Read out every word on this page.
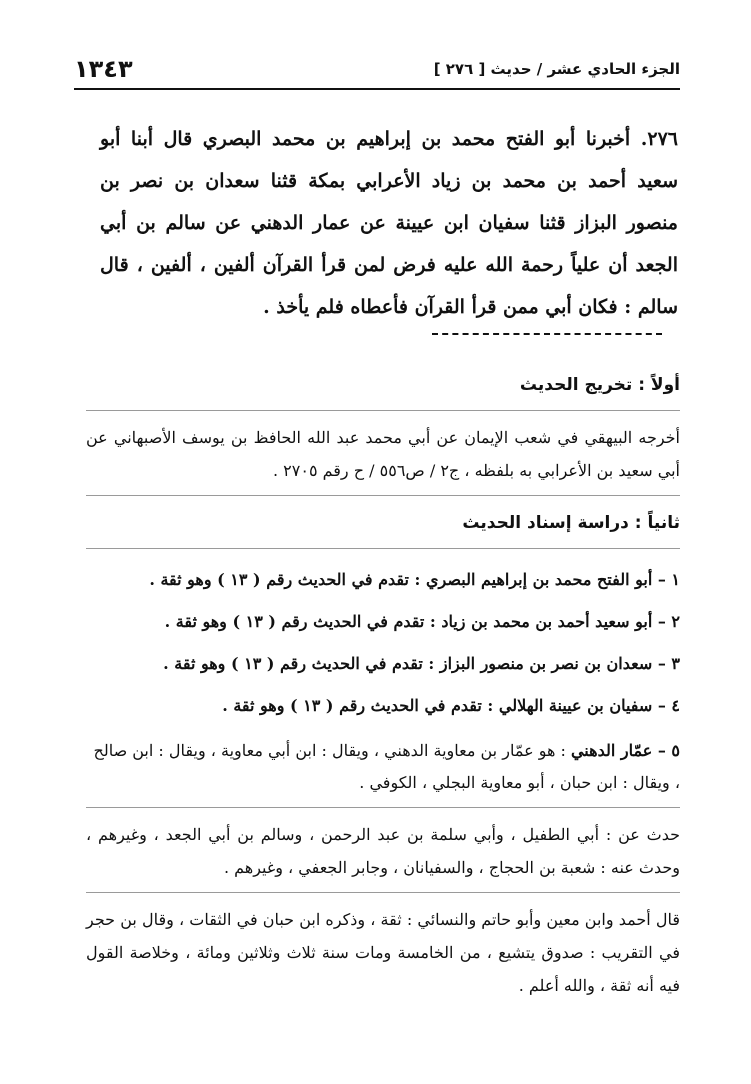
١٣٤٣	الجزء الحادي عشر / حديث [ ٢٧٦ ]

٢٧٦. أخبرنا أبو الفتح محمد بن إبراهيم بن محمد البصري قال أبنا أبو سعيد أحمد بن محمد بن زياد الأعرابي بمكة قثنا سعدان بن نصر بن منصور البزاز قثنا سفيان ابن عيينة عن عمار الدهني عن سالم بن أبي الجعد أن علياً رحمة الله عليه فرض لمن قرأ القرآن ألفين ، ألفين ، قال سالم : فكان أبي ممن قرأ القرآن فأعطاه فلم يأخذ .

أولاً : تخريج الحديث

أخرجه البيهقي في شعب الإيمان عن أبي محمد عبد الله الحافظ بن يوسف الأصبهاني عن أبي سعيد بن الأعرابي به بلفظه ، ج٢ / ص٥٥٦ / ح رقم ٢٧٠٥ .

ثانياً : دراسة إسناد الحديث
١ – أبو الفتح محمد بن إبراهيم البصري : تقدم في الحديث رقم ( ١٣ ) وهو ثقة .
٢ – أبو سعيد أحمد بن محمد بن زياد : تقدم في الحديث رقم ( ١٣ ) وهو ثقة .
٣ – سعدان بن نصر بن منصور البزاز : تقدم في الحديث رقم ( ١٣ ) وهو ثقة .
٤ – سفيان بن عيينة الهلالي : تقدم في الحديث رقم ( ١٣ ) وهو ثقة .
٥ – عمّار الدهني : هو عمّار بن معاوية الدهني ، ويقال : ابن أبي معاوية ، ويقال : ابن صالح ، ويقال : ابن حبان ، أبو معاوية البجلي ، الكوفي .

حدث عن : أبي الطفيل ، وأبي سلمة بن عبد الرحمن ، وسالم بن أبي الجعد ، وغيرهم ، وحدث عنه : شعبة بن الحجاج ، والسفيانان ، وجابر الجعفي ، وغيرهم .

قال أحمد وابن معين وأبو حاتم والنسائي : ثقة ، وذكره ابن حبان في الثقات ، وقال بن حجر في التقريب : صدوق يتشيع ، من الخامسة ومات سنة ثلاث وثلاثين ومائة ، وخلاصة القول فيه أنه ثقة ، والله أعلم .
